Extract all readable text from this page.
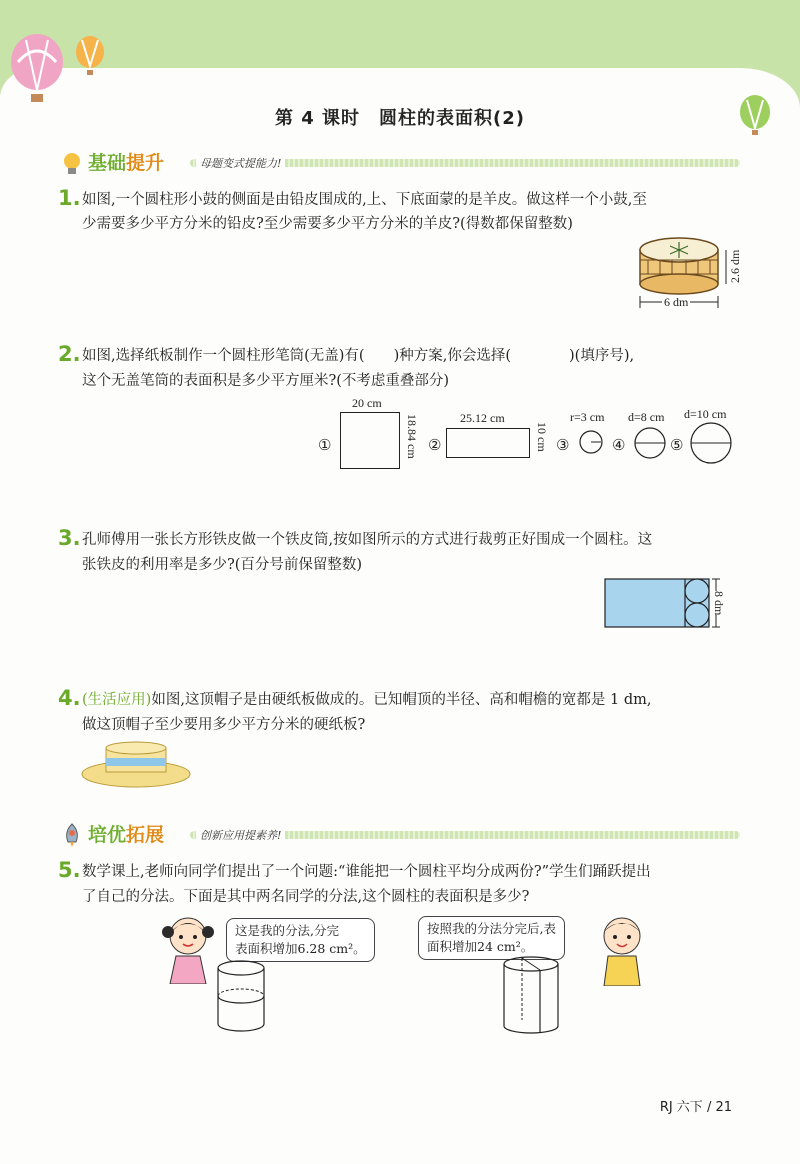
第 4 课时　圆柱的表面积(2)
基础提升	母题变式提能力!
1. 如图,一个圆柱形小鼓的侧面是由铅皮围成的,上、下底面蒙的是羊皮。做这样一个小鼓,至
少需要多少平方分米的铅皮?至少需要多少平方分米的羊皮?(得数都保留整数)
6 dm
2.6 dm
2. 如图,选择纸板制作一个圆柱形笔筒(无盖)有(　　)种方案,你会选择(　　　　)(填序号),
这个无盖笔筒的表面积是多少平方厘米?(不考虑重叠部分)
①
20 cm
18.84 cm ②
25.12 cm
10 cm ③
r=3 cm
④
d=8 cm
⑤
d=10 cm
3. 孔师傅用一张长方形铁皮做一个铁皮筒,按如图所示的方式进行裁剪正好围成一个圆柱。这
张铁皮的利用率是多少?(百分号前保留整数)
8 dm
4. (生活应用)如图,这顶帽子是由硬纸板做成的。已知帽顶的半径、高和帽檐的宽都是 1 dm,
做这顶帽子至少要用多少平方分米的硬纸板?
培优拓展	创新应用提素养!
5. 数学课上,老师向同学们提出了一个问题:“谁能把一个圆柱平均分成两份?”学生们踊跃提出
了自己的分法。下面是其中两名同学的分法,这个圆柱的表面积是多少?
这是我的分法,分完
表面积增加6.28 cm²。
按照我的分法分完后,表
面积增加24 cm²。
RJ 六下 / 21
